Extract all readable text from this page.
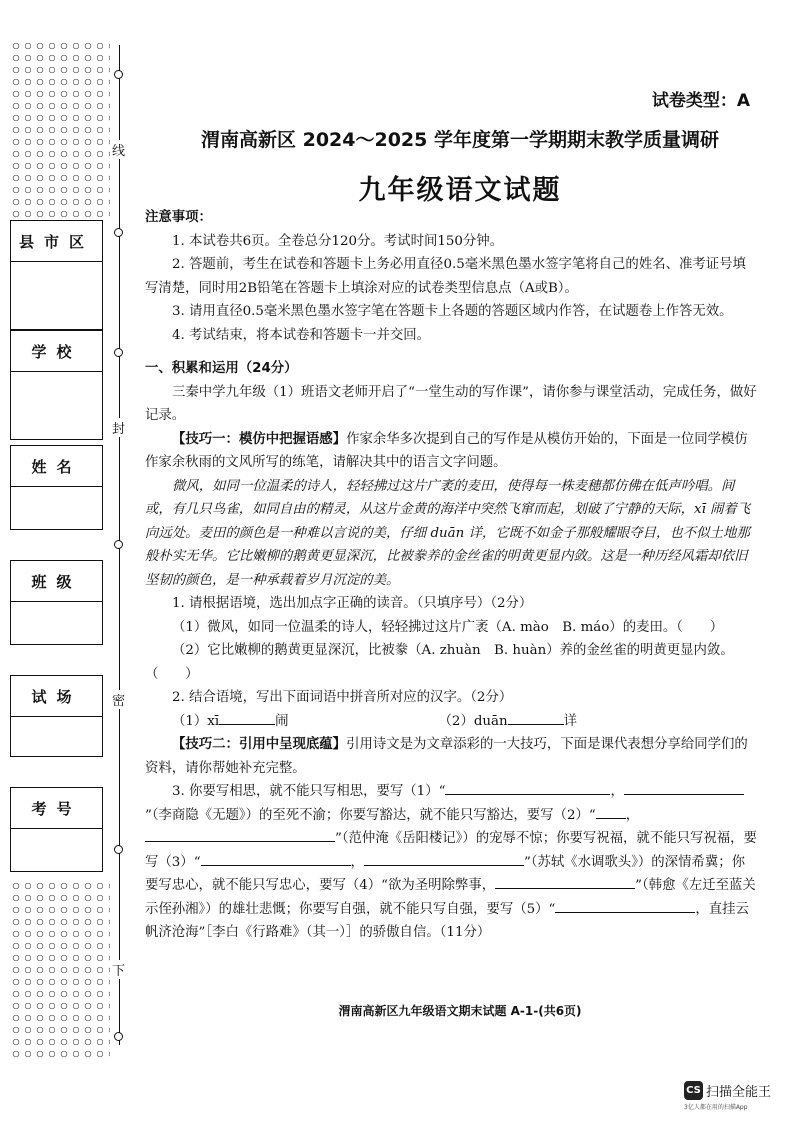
县市区
学校
姓名
班级
试场
考号
线
封
密
下
试卷类型：A
渭南高新区 2024～2025 学年度第一学期期末教学质量调研
九年级语文试题

注意事项：

1. 本试卷共6页。全卷总分120分。考试时间150分钟。

2. 答题前，考生在试卷和答题卡上务必用直径0.5毫米黑色墨水签字笔将自己的姓名、准考证号填写清楚，同时用2B铅笔在答题卡上填涂对应的试卷类型信息点（A或B）。

3. 请用直径0.5毫米黑色墨水签字笔在答题卡上各题的答题区域内作答，在试题卷上作答无效。

4. 考试结束，将本试卷和答题卡一并交回。

一、积累和运用（24分）

三秦中学九年级（1）班语文老师开启了“一堂生动的写作课”，请你参与课堂活动，完成任务，做好记录。

【技巧一：模仿中把握语感】作家余华多次提到自己的写作是从模仿开始的，下面是一位同学模仿作家余秋雨的文风所写的练笔，请解决其中的语言文字问题。

微风，如同一位温柔的诗人，轻轻拂过这片广袤的麦田，使得每一株麦穗都仿佛在低声吟唱。间或，有几只鸟雀，如同自由的精灵，从这片金黄的海洋中突然飞窜而起，划破了宁静的天际，xī 闹着飞向远处。麦田的颜色是一种难以言说的美，仔细 duān 详，它既不如金子那般耀眼夺目，也不似土地那般朴实无华。它比嫩柳的鹅黄更显深沉，比被豢养的金丝雀的明黄更显内敛。这是一种历经风霜却依旧坚韧的颜色，是一种承载着岁月沉淀的美。

1. 请根据语境，选出加点字正确的读音。（只填序号）（2分）

（1）微风，如同一位温柔的诗人，轻轻拂过这片广袤（A. mào　B. máo）的麦田。（　　）

（2）它比嫩柳的鹅黄更显深沉，比被豢（A. zhuàn　B. huàn）养的金丝雀的明黄更显内敛。（　　）

2. 结合语境，写出下面词语中拼音所对应的汉字。（2分）

（1）xī	闹	（2）duān	详

【技巧二：引用中呈现底蕴】引用诗文是为文章添彩的一大技巧，下面是课代表想分享给同学们的资料，请你帮她补充完整。

3. 你要写相思，就不能只写相思，要写（1）“	，”（李商隐《无题》）的至死不渝；你要写豁达，就不能只写豁达，要写（2）“ ，”（范仲淹《岳阳楼记》）的宠辱不惊；你要写祝福，就不能只写祝福，要写（3）“	，	”（苏轼《水调歌头》）的深情希冀；你要写忠心，就不能只写忠心，要写（4）“欲为圣明除弊事，	”（韩愈《左迁至蓝关示侄孙湘》）的雄壮悲慨；你要写自强，就不能只写自强，要写（5）“	，直挂云帆济沧海”［李白《行路难》（其一）］的骄傲自信。（11分）

渭南高新区九年级语文期末试题 A-1-(共6页)
CS 扫描全能王
3亿人都在用的扫描App
